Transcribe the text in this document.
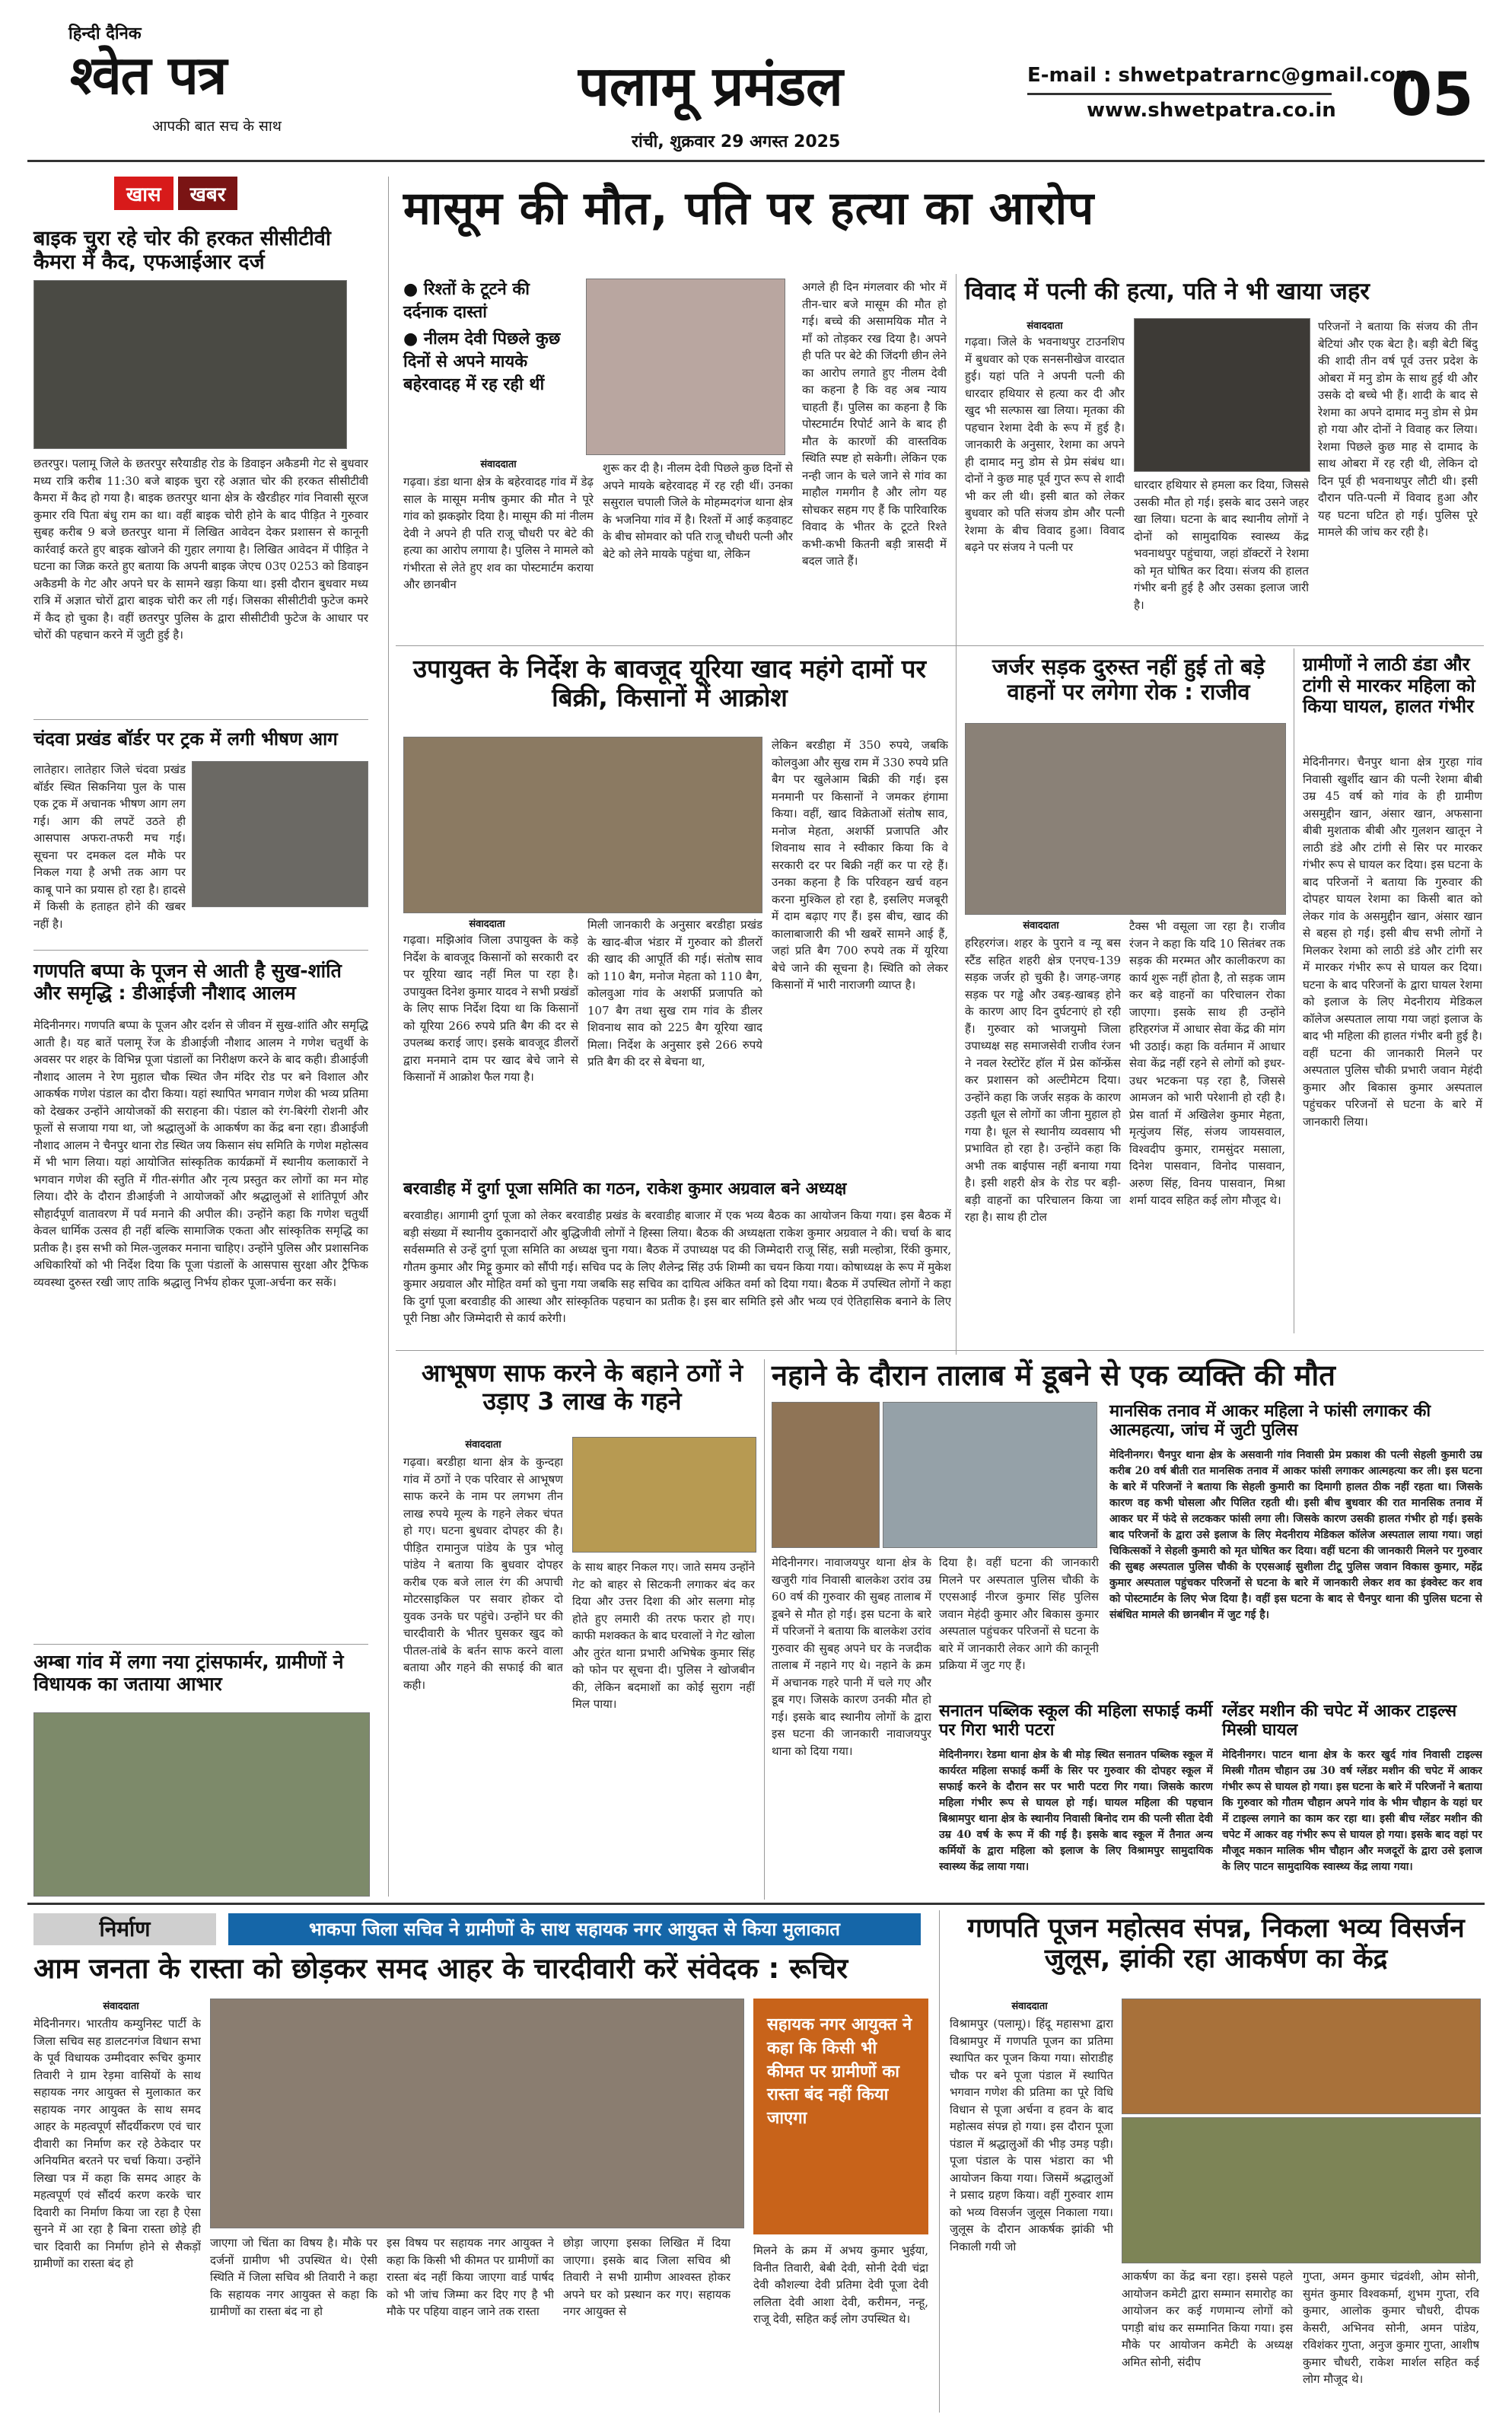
हिन्दी दैनिक
श्वेत पत्र
आपकी बात सच के साथ
पलामू प्रमंडल
रांची, शुक्रवार 29 अगस्त 2025
E-mail : shwetpatrarnc@gmail.com
www.shwetpatra.co.in 05
खास खबर
बाइक चुरा रहे चोर की हरकत सीसीटीवी कैमरा में कैद, एफआईआर दर्ज
छतरपुर। पलामू जिले के छतरपुर सरैयाडीह रोड के डिवाइन अकैडमी गेट से बुधवार मध्य रात्रि करीब 11:30 बजे बाइक चुरा रहे अज्ञात चोर की हरकत सीसीटीवी कैमरा में कैद हो गया है। बाइक छतरपुर थाना क्षेत्र के खैरडीहर गांव निवासी सूरज कुमार रवि पिता बंधु राम का था। वहीं बाइक चोरी होने के बाद पीड़ित ने गुरुवार सुबह करीब 9 बजे छतरपुर थाना में लिखित आवेदन देकर प्रशासन से कानूनी कार्रवाई करते हुए बाइक खोजने की गुहार लगाया है। लिखित आवेदन में पीड़ित ने घटना का जिक्र करते हुए बताया कि अपनी बाइक जेएच 03ए 0253 को डिवाइन अकैडमी के गेट और अपने घर के सामने खड़ा किया था। इसी दौरान बुधवार मध्य रात्रि में अज्ञात चोरों द्वारा बाइक चोरी कर ली गई। जिसका सीसीटीवी फुटेज कमरे में कैद हो चुका है। वहीं छतरपुर पुलिस के द्वारा सीसीटीवी फुटेज के आधार पर चोरों की पहचान करने में जुटी हुई है।
चंदवा प्रखंड बॉर्डर पर ट्रक में लगी भीषण आग
लातेहार। लातेहार जिले चंदवा प्रखंड बॉर्डर स्थित सिकनिया पुल के पास एक ट्रक में अचानक भीषण आग लग गई। आग की लपटें उठते ही आसपास अफरा-तफरी मच गई। सूचना पर दमकल दल मौके पर निकल गया है अभी तक आग पर काबू पाने का प्रयास हो रहा है। हादसे में किसी के हताहत होने की खबर नहीं है।
गणपति बप्पा के पूजन से आती है सुख-शांति और समृद्धि : डीआईजी नौशाद आलम
मेदिनीनगर। गणपति बप्पा के पूजन और दर्शन से जीवन में सुख-शांति और समृद्धि आती है। यह बातें पलामू रेंज के डीआईजी नौशाद आलम ने गणेश चतुर्थी के अवसर पर शहर के विभिन्न पूजा पंडालों का निरीक्षण करने के बाद कही। डीआईजी नौशाद आलम ने रेण मुहाल चौक स्थित जैन मंदिर रोड पर बने विशाल और आकर्षक गणेश पंडाल का दौरा किया। यहां स्थापित भगवान गणेश की भव्य प्रतिमा को देखकर उन्होंने आयोजकों की सराहना की। पंडाल को रंग-बिरंगी रोशनी और फूलों से सजाया गया था, जो श्रद्धालुओं के आकर्षण का केंद्र बना रहा। डीआईजी नौशाद आलम ने चैनपुर थाना रोड स्थित जय किसान संघ समिति के गणेश महोत्सव में भी भाग लिया। यहां आयोजित सांस्कृतिक कार्यक्रमों में स्थानीय कलाकारों ने भगवान गणेश की स्तुति में गीत-संगीत और नृत्य प्रस्तुत कर लोगों का मन मोह लिया। दौरे के दौरान डीआईजी ने आयोजकों और श्रद्धालुओं से शांतिपूर्ण और सौहार्दपूर्ण वातावरण में पर्व मनाने की अपील की। उन्होंने कहा कि गणेश चतुर्थी केवल धार्मिक उत्सव ही नहीं बल्कि सामाजिक एकता और सांस्कृतिक समृद्धि का प्रतीक है। इस सभी को मिल-जुलकर मनाना चाहिए। उन्होंने पुलिस और प्रशासनिक अधिकारियों को भी निर्देश दिया कि पूजा पंडालों के आसपास सुरक्षा और ट्रैफिक व्यवस्था दुरुस्त रखी जाए ताकि श्रद्धालु निर्भय होकर पूजा-अर्चना कर सकें।
अम्बा गांव में लगा नया ट्रांसफार्मर, ग्रामीणों ने विधायक का जताया आभार
मासूम की मौत, पति पर हत्या का आरोप
● रिश्तों के टूटने की दर्दनाक दास्तां
● नीलम देवी पिछले कुछ दिनों से अपने मायके बहेरवादह में रह रही थीं
संवाददाता
गढ़वा। डंडा थाना क्षेत्र के बहेरवादह गांव में डेढ़ साल के मासूम मनीष कुमार की मौत ने पूरे गांव को झकझोर दिया है। मासूम की मां नीलम देवी ने अपने ही पति राजू चौधरी पर बेटे की हत्या का आरोप लगाया है। पुलिस ने मामले को गंभीरता से लेते हुए शव का पोस्टमार्टम कराया और छानबीन
शुरू कर दी है। नीलम देवी पिछले कुछ दिनों से अपने मायके बहेरवादह में रह रही थीं। उनका ससुराल चपाली जिले के मोहम्मदगंज थाना क्षेत्र के भजनिया गांव में है। रिश्तों में आई कड़वाहट के बीच सोमवार को पति राजू चौधरी पत्नी और बेटे को लेने मायके पहुंचा था, लेकिन
अगले ही दिन मंगलवार की भोर में तीन-चार बजे मासूम की मौत हो गई। बच्चे की असामयिक मौत ने माँ को तोड़कर रख दिया है। अपने ही पति पर बेटे की जिंदगी छीन लेने का आरोप लगाते हुए नीलम देवी का कहना है कि वह अब न्याय चाहती हैं। पुलिस का कहना है कि पोस्टमार्टम रिपोर्ट आने के बाद ही मौत के कारणों की वास्तविक स्थिति स्पष्ट हो सकेगी। लेकिन एक नन्ही जान के चले जाने से गांव का माहौल गमगीन है और लोग यह सोचकर सहम गए हैं कि पारिवारिक विवाद के भीतर के टूटते रिश्ते कभी-कभी कितनी बड़ी त्रासदी में बदल जाते हैं।
विवाद में पत्नी की हत्या, पति ने भी खाया जहर
संवाददाता
गढ़वा। जिले के भवनाथपुर टाउनशिप में बुधवार को एक सनसनीखेज वारदात हुई। यहां पति ने अपनी पत्नी की धारदार हथियार से हत्या कर दी और खुद भी सल्फास खा लिया। मृतका की पहचान रेशमा देवी के रूप में हुई है। जानकारी के अनुसार, रेशमा का अपने ही दामाद मनु डोम से प्रेम संबंध था। दोनों ने कुछ माह पूर्व गुप्त रूप से शादी भी कर ली थी। इसी बात को लेकर बुधवार को पति संजय डोम और पत्नी रेशमा के बीच विवाद हुआ। विवाद बढ़ने पर संजय ने पत्नी पर
धारदार हथियार से हमला कर दिया, जिससे उसकी मौत हो गई। इसके बाद उसने जहर खा लिया। घटना के बाद स्थानीय लोगों ने दोनों को सामुदायिक स्वास्थ्य केंद्र भवनाथपुर पहुंचाया, जहां डॉक्टरों ने रेशमा को मृत घोषित कर दिया। संजय की हालत गंभीर बनी हुई है और उसका इलाज जारी है।
परिजनों ने बताया कि संजय की तीन बेटियां और एक बेटा है। बड़ी बेटी बिंदु की शादी तीन वर्ष पूर्व उत्तर प्रदेश के ओबरा में मनु डोम के साथ हुई थी और उसके दो बच्चे भी हैं। शादी के बाद से रेशमा का अपने दामाद मनु डोम से प्रेम हो गया और दोनों ने विवाह कर लिया। रेशमा पिछले कुछ माह से दामाद के साथ ओबरा में रह रही थी, लेकिन दो दिन पूर्व ही भवनाथपुर लौटी थी। इसी दौरान पति-पत्नी में विवाद हुआ और यह घटना घटित हो गई। पुलिस पूरे मामले की जांच कर रही है।
उपायुक्त के निर्देश के बावजूद यूरिया खाद महंगे दामों पर बिक्री, किसानों में आक्रोश
संवाददाता
गढ़वा। मझिआंव जिला उपायुक्त के कड़े निर्देश के बावजूद किसानों को सरकारी दर पर यूरिया खाद नहीं मिल पा रहा है। उपायुक्त दिनेश कुमार यादव ने सभी प्रखंडों के लिए साफ निर्देश दिया था कि किसानों को यूरिया 266 रुपये प्रति बैग की दर से उपलब्ध कराई जाए। इसके बावजूद डीलरों द्वारा मनमाने दाम पर खाद बेचे जाने से किसानों में आक्रोश फैल गया है।
मिली जानकारी के अनुसार बरडीहा प्रखंड के खाद-बीज भंडार में गुरुवार को डीलरों की खाद की आपूर्ति की गई। संतोष साव को 110 बैग, मनोज मेहता को 110 बैग, कोलवुआ गांव के अशर्फी प्रजापति को 107 बैग तथा सुख राम गांव के डीलर शिवनाथ साव को 225 बैग यूरिया खाद मिला। निर्देश के अनुसार इसे 266 रुपये प्रति बैग की दर से बेचना था,
लेकिन बरडीहा में 350 रुपये, जबकि कोलवुआ और सुख राम में 330 रुपये प्रति बैग पर खुलेआम बिक्री की गई। इस मनमानी पर किसानों ने जमकर हंगामा किया। वहीं, खाद विक्रेताओं संतोष साव, मनोज मेहता, अशर्फी प्रजापति और शिवनाथ साव ने स्वीकार किया कि वे सरकारी दर पर बिक्री नहीं कर पा रहे हैं। उनका कहना है कि परिवहन खर्च वहन करना मुश्किल हो रहा है, इसलिए मजबूरी में दाम बढ़ाए गए हैं। इस बीच, खाद की कालाबाजारी की भी खबरें सामने आई हैं, जहां प्रति बैग 700 रुपये तक में यूरिया बेचे जाने की सूचना है। स्थिति को लेकर किसानों में भारी नाराजगी व्याप्त है।
जर्जर सड़क दुरुस्त नहीं हुई तो बड़े वाहनों पर लगेगा रोक : राजीव
संवाददाता
हरिहरगंज। शहर के पुराने व न्यू बस स्टैंड सहित शहरी क्षेत्र एनएच-139 सड़क जर्जर हो चुकी है। जगह-जगह सड़क पर गड्ढे और उबड़-खाबड़ होने के कारण आए दिन दुर्घटनाएं हो रही हैं। गुरुवार को भाजयुमो जिला उपाध्यक्ष सह समाजसेवी राजीव रंजन ने नवल रेस्टोरेंट हॉल में प्रेस कॉन्फ्रेंस कर प्रशासन को अल्टीमेटम दिया। उन्होंने कहा कि जर्जर सड़क के कारण उड़ती धूल से लोगों का जीना मुहाल हो गया है। धूल से स्थानीय व्यवसाय भी प्रभावित हो रहा है। उन्होंने कहा कि अभी तक बाईपास नहीं बनाया गया है। इसी शहरी क्षेत्र के रोड पर बड़ी-बड़ी वाहनों का परिचालन किया जा रहा है। साथ ही टोल
टैक्स भी वसूला जा रहा है। राजीव रंजन ने कहा कि यदि 10 सितंबर तक सड़क की मरम्मत और कालीकरण का कार्य शुरू नहीं होता है, तो सड़क जाम कर बड़े वाहनों का परिचालन रोका जाएगा। इसके साथ ही उन्होंने हरिहरगंज में आधार सेवा केंद्र की मांग भी उठाई। कहा कि वर्तमान में आधार सेवा केंद्र नहीं रहने से लोगों को इधर-उधर भटकना पड़ रहा है, जिससे आमजन को भारी परेशानी हो रही है। प्रेस वार्ता में अखिलेश कुमार मेहता, मृत्युंजय सिंह, संजय जायसवाल, विश्वदीप कुमार, रामसुंदर मसाला, दिनेश पासवान, विनोद पासवान, अरुण सिंह, विनय पासवान, मिश्रा शर्मा यादव सहित कई लोग मौजूद थे।
ग्रामीणों ने लाठी डंडा और टांगी से मारकर महिला को किया घायल, हालत गंभीर
मेदिनीनगर। चैनपुर थाना क्षेत्र गुरहा गांव निवासी खुर्शीद खान की पत्नी रेशमा बीबी उम्र 45 वर्ष को गांव के ही ग्रामीण असमुद्दीन खान, अंसार खान, अफसाना बीबी मुशताक बीबी और गुलशन खातून ने लाठी डंडे और टांगी से सिर पर मारकर गंभीर रूप से घायल कर दिया। इस घटना के बाद परिजनों ने बताया कि गुरुवार की दोपहर घायल रेशमा का किसी बात को लेकर गांव के असमुद्दीन खान, अंसार खान से बहस हो गई। इसी बीच सभी लोगों ने मिलकर रेशमा को लाठी डंडे और टांगी सर में मारकर गंभीर रूप से घायल कर दिया। घटना के बाद परिजनों के द्वारा घायल रेशमा को इलाज के लिए मेदनीराय मेडिकल कॉलेज अस्पताल लाया गया जहां इलाज के बाद भी महिला की हालत गंभीर बनी हुई है। वहीं घटना की जानकारी मिलने पर अस्पताल पुलिस चौकी प्रभारी जवान मेहंदी कुमार और बिकास कुमार अस्पताल पहुंचकर परिजनों से घटना के बारे में जानकारी लिया।
बरवाडीह में दुर्गा पूजा समिति का गठन, राकेश कुमार अग्रवाल बने अध्यक्ष
बरवाडीह। आगामी दुर्गा पूजा को लेकर बरवाडीह प्रखंड के बरवाडीह बाजार में एक भव्य बैठक का आयोजन किया गया। इस बैठक में बड़ी संख्या में स्थानीय दुकानदारों और बुद्धिजीवी लोगों ने हिस्सा लिया। बैठक की अध्यक्षता राकेश कुमार अग्रवाल ने की। चर्चा के बाद सर्वसम्मति से उन्हें दुर्गा पूजा समिति का अध्यक्ष चुना गया। बैठक में उपाध्यक्ष पद की जिम्मेदारी राजू सिंह, सन्नी मल्होत्रा, रिंकी कुमार, गौतम कुमार और मिट्टू कुमार को सौंपी गई। सचिव पद के लिए शैलेन्द्र सिंह उर्फ शिम्मी का चयन किया गया। कोषाध्यक्ष के रूप में मुकेश कुमार अग्रवाल और मोहित वर्मा को चुना गया जबकि सह सचिव का दायित्व अंकित वर्मा को दिया गया। बैठक में उपस्थित लोगों ने कहा कि दुर्गा पूजा बरवाडीह की आस्था और सांस्कृतिक पहचान का प्रतीक है। इस बार समिति इसे और भव्य एवं ऐतिहासिक बनाने के लिए पूरी निष्ठा और जिम्मेदारी से कार्य करेगी।
आभूषण साफ करने के बहाने ठगों ने उड़ाए 3 लाख के गहने
संवाददाता
गढ़वा। बरडीहा थाना क्षेत्र के कुन्दहा गांव में ठगों ने एक परिवार से आभूषण साफ करने के नाम पर लगभग तीन लाख रुपये मूल्य के गहने लेकर चंपत हो गए। घटना बुधवार दोपहर की है। पीड़ित रामानुज पांडेय के पुत्र भोलू पांडेय ने बताया कि बुधवार दोपहर करीब एक बजे लाल रंग की अपाची मोटरसाइकिल पर सवार होकर दो युवक उनके घर पहुंचे। उन्होंने घर की चारदीवारी के भीतर घुसकर खुद को पीतल-तांबे के बर्तन साफ करने वाला बताया और गहने की सफाई की बात कही।
के साथ बाहर निकल गए। जाते समय उन्होंने गेट को बाहर से सिटकनी लगाकर बंद कर दिया और उत्तर दिशा की ओर सलगा मोड़ होते हुए लमारी की तरफ फरार हो गए। काफी मशक्कत के बाद घरवालों ने गेट खोला और तुरंत थाना प्रभारी अभिषेक कुमार सिंह को फोन पर सूचना दी। पुलिस ने खोजबीन की, लेकिन बदमाशों का कोई सुराग नहीं मिल पाया।
नहाने के दौरान तालाब में डूबने से एक व्यक्ति की मौत
मेदिनीनगर। नावाजयपुर थाना क्षेत्र के खजुरी गांव निवासी बालकेश उरांव उम्र 60 वर्ष की गुरुवार की सुबह तालाब में डूबने से मौत हो गई। इस घटना के बारे में परिजनों ने बताया कि बालकेश उरांव गुरुवार की सुबह अपने घर के नजदीक तालाब में नहाने गए थे। नहाने के क्रम में अचानक गहरे पानी में चले गए और डूब गए। जिसके कारण उनकी मौत हो गई। इसके बाद स्थानीय लोगों के द्वारा इस घटना की जानकारी नावाजयपुर थाना को दिया गया।
दिया है। वहीं घटना की जानकारी मिलने पर अस्पताल पुलिस चौकी के एएसआई नीरज कुमार सिंह पुलिस जवान मेहंदी कुमार और बिकास कुमार अस्पताल पहुंचकर परिजनों से घटना के बारे में जानकारी लेकर आगे की कानूनी प्रक्रिया में जुट गए हैं।
मानसिक तनाव में आकर महिला ने फांसी लगाकर की आत्महत्या, जांच में जुटी पुलिस
मेदिनीनगर। चैनपुर थाना क्षेत्र के असवानी गांव निवासी प्रेम प्रकाश की पत्नी सेहली कुमारी उम्र करीब 20 वर्ष बीती रात मानसिक तनाव में आकर फांसी लगाकर आत्महत्या कर ली। इस घटना के बारे में परिजनों ने बताया कि सेहली कुमारी का दिमागी हालत ठीक नहीं रहता था। जिसके कारण वह कभी घोसला और पिलित रहती थी। इसी बीच बुधवार की रात मानसिक तनाव में आकर घर में फंदे से लटककर फांसी लगा ली। जिसके कारण उसकी हालत गंभीर हो गई। इसके बाद परिजनों के द्वारा उसे इलाज के लिए मेदनीराय मेडिकल कॉलेज अस्पताल लाया गया। जहां चिकित्सकों ने सेहली कुमारी को मृत घोषित कर दिया। वहीं घटना की जानकारी मिलने पर गुरुवार की सुबह अस्पताल पुलिस चौकी के एएसआई सुशीला टीटू पुलिस जवान विकास कुमार, महेंद्र कुमार अस्पताल पहुंचकर परिजनों से घटना के बारे में जानकारी लेकर शव का इंक्वेस्ट कर शव को पोस्टमार्टम के लिए भेज दिया है। वहीं इस घटना के बाद से चैनपुर थाना की पुलिस घटना से संबंधित मामले की छानबीन में जुट गई है।
सनातन पब्लिक स्कूल की महिला सफाई कर्मी पर गिरा भारी पटरा
मेदिनीनगर। रेडमा थाना क्षेत्र के बी मोड़ स्थित सनातन पब्लिक स्कूल में कार्यरत महिला सफाई कर्मी के सिर पर गुरुवार की दोपहर स्कूल में सफाई करने के दौरान सर पर भारी पटरा गिर गया। जिसके कारण महिला गंभीर रूप से घायल हो गई। घायल महिला की पहचान बिश्रामपुर थाना क्षेत्र के स्थानीय निवासी बिनोद राम की पत्नी सीता देवी उम्र 40 वर्ष के रूप में की गई है। इसके बाद स्कूल में तैनात अन्य कर्मियों के द्वारा महिला को इलाज के लिए विश्रामपुर सामुदायिक स्वास्थ्य केंद्र लाया गया।
ग्लेंडर मशीन की चपेट में आकर टाइल्स मिस्त्री घायल
मेदिनीनगर। पाटन थाना क्षेत्र के करर खुर्द गांव निवासी टाइल्स मिस्त्री गौतम चौहान उम्र 30 वर्ष ग्लेंडर मशीन की चपेट में आकर गंभीर रूप से घायल हो गया। इस घटना के बारे में परिजनों ने बताया कि गुरुवार को गौतम चौहान अपने गांव के भीम चौहान के यहां घर में टाइल्स लगाने का काम कर रहा था। इसी बीच ग्लेंडर मशीन की चपेट में आकर वह गंभीर रूप से घायल हो गया। इसके बाद वहां पर मौजूद मकान मालिक भीम चौहान और मजदूरों के द्वारा उसे इलाज के लिए पाटन सामुदायिक स्वास्थ्य केंद्र लाया गया।
निर्माण	भाकपा जिला सचिव ने ग्रामीणों के साथ सहायक नगर आयुक्त से किया मुलाकात
आम जनता के रास्ता को छोड़कर समद आहर के चारदीवारी करें संवेदक : रूचिर
संवाददाता
मेदिनीनगर। भारतीय कम्युनिस्ट पार्टी के जिला सचिव सह डालटनगंज विधान सभा के पूर्व विधायक उम्मीदवार रूचिर कुमार तिवारी ने ग्राम रेड़मा वासियों के साथ सहायक नगर आयुक्त से मुलाकात कर सहायक नगर आयुक्त के साथ समद आहर के महत्वपूर्ण सौंदर्यीकरण एवं चार दीवारी का निर्माण कर रहे ठेकेदार पर अनियमित बरतने पर चर्चा किया। उन्होंने लिखा पत्र में कहा कि समद आहर के महत्वपूर्ण एवं सौंदर्य करण करके चार दिवारी का निर्माण किया जा रहा है ऐसा सुनने में आ रहा है बिना रास्ता छोड़े ही चार दिवारी का निर्माण होने से सैकड़ों ग्रामीणों का रास्ता बंद हो
जाएगा जो चिंता का विषय है। मौके पर दर्जनों ग्रामीण भी उपस्थित थे। ऐसी स्थिति में जिला सचिव श्री तिवारी ने कहा कि सहायक नगर आयुक्त से कहा कि ग्रामीणों का रास्ता बंद ना हो
इस विषय पर सहायक नगर आयुक्त ने कहा कि किसी भी कीमत पर ग्रामीणों का रास्ता बंद नहीं किया जाएगा वार्ड पार्षद को भी जांच जिम्मा कर दिए गए है भी मौके पर पहिया वाहन जाने तक रास्ता
छोड़ा जाएगा इसका लिखित में दिया जाएगा। इसके बाद जिला सचिव श्री तिवारी ने सभी ग्रामीण आश्वस्त होकर अपने घर को प्रस्थान कर गए। सहायक नगर आयुक्त से
सहायक नगर आयुक्त ने कहा कि किसी भी कीमत पर ग्रामीणों का रास्ता बंद नहीं किया जाएगा
मिलने के क्रम में अभय कुमार भुईया, विनीत तिवारी, बेबी देवी, सोनी देवी चंद्रा देवी कौशल्या देवी प्रतिमा देवी पूजा देवी ललिता देवी आशा देवी, करीमन, नन्हू, राजू देवी, सहित कई लोग उपस्थित थे।
गणपति पूजन महोत्सव संपन्न, निकला भव्य विसर्जन जुलूस, झांकी रहा आकर्षण का केंद्र
संवाददाता
विश्रामपुर (पलामू)। हिंदू महासभा द्वारा विश्रामपुर में गणपति पूजन का प्रतिमा स्थापित कर पूजन किया गया। सोराडीह चौक पर बने पूजा पंडाल में स्थापित भगवान गणेश की प्रतिमा का पूरे विधि विधान से पूजा अर्चना व हवन के बाद महोत्सव संपन्न हो गया। इस दौरान पूजा पंडाल में श्रद्धालुओं की भीड़ उमड़ पड़ी। पूजा पंडाल के पास भंडारा का भी आयोजन किया गया। जिसमें श्रद्धालुओं ने प्रसाद ग्रहण किया। वहीं गुरुवार शाम को भव्य विसर्जन जुलूस निकाला गया। जुलूस के दौरान आकर्षक झांकी भी निकाली गयी जो
आकर्षण का केंद्र बना रहा। इससे पहले आयोजन कमेटी द्वारा सम्मान समारोह का आयोजन कर कई गणमान्य लोगों को पगड़ी बांध कर सम्मानित किया गया। इस मौके पर आयोजन कमेटी के अध्यक्ष अमित सोनी, संदीप
गुप्ता, अमन कुमार चंद्रवंशी, ओम सोनी, सुमंत कुमार विश्वकर्मा, शुभम गुप्ता, रवि कुमार, आलोक कुमार चौधरी, दीपक केसरी, अभिनव सोनी, अमन पांडेय, रविशंकर गुप्ता, अनुज कुमार गुप्ता, आशीष कुमार चौधरी, राकेश मार्शल सहित कई लोग मौजूद थे।
